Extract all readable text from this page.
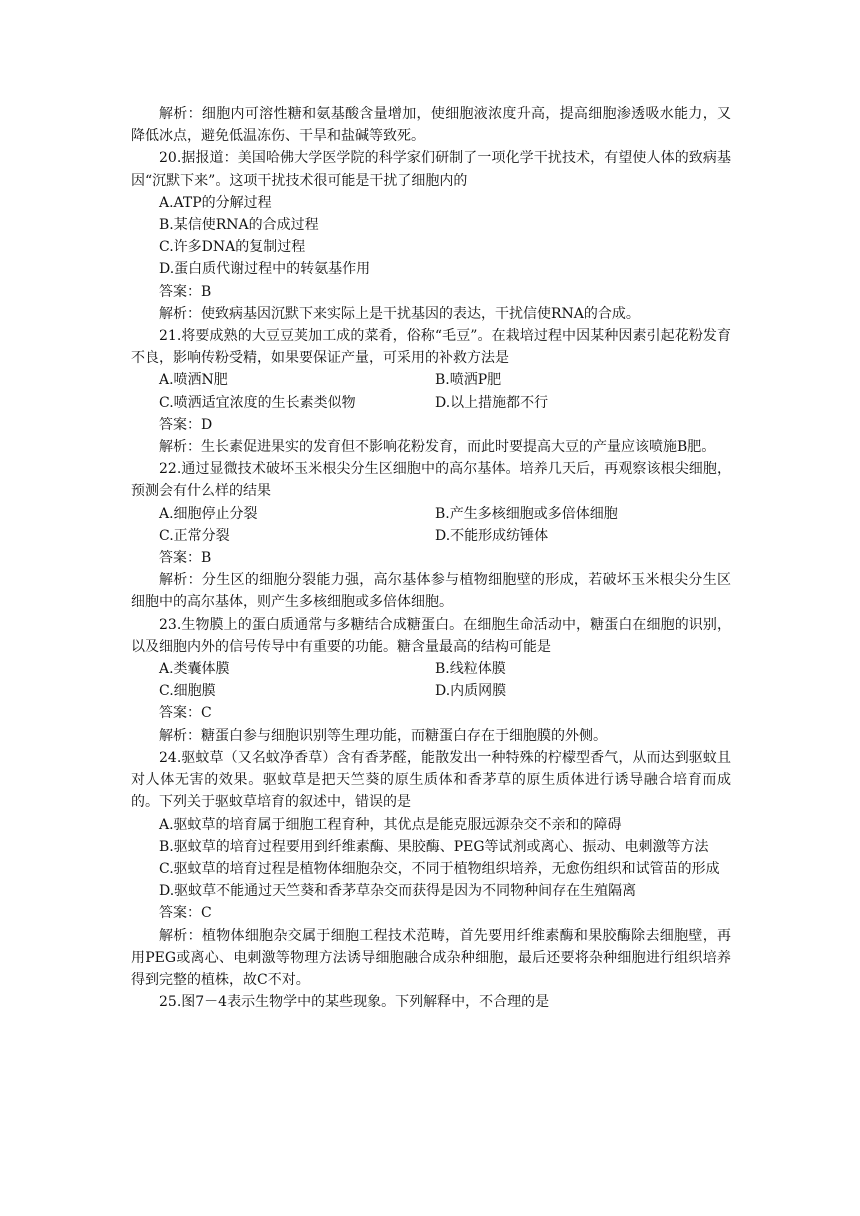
解析：细胞内可溶性糖和氨基酸含量增加，使细胞液浓度升高，提高细胞渗透吸水能力，又降低冰点，避免低温冻伤、干旱和盐碱等致死。
20.据报道：美国哈佛大学医学院的科学家们研制了一项化学干扰技术，有望使人体的致病基因“沉默下来”。这项干扰技术很可能是干扰了细胞内的
A.ATP的分解过程
B.某信使RNA的合成过程
C.许多DNA的复制过程
D.蛋白质代谢过程中的转氨基作用
答案：B
解析：使致病基因沉默下来实际上是干扰基因的表达，干扰信使RNA的合成。
21.将要成熟的大豆豆荚加工成的菜肴，俗称“毛豆”。在栽培过程中因某种因素引起花粉发育不良，影响传粉受精，如果要保证产量，可采用的补救方法是
A.喷洒N肥	B.喷洒P肥
C.喷洒适宜浓度的生长素类似物	D.以上措施都不行
答案：D
解析：生长素促进果实的发育但不影响花粉发育，而此时要提高大豆的产量应该喷施B肥。
22.通过显微技术破坏玉米根尖分生区细胞中的高尔基体。培养几天后，再观察该根尖细胞，预测会有什么样的结果
A.细胞停止分裂	B.产生多核细胞或多倍体细胞
C.正常分裂	D.不能形成纺锤体
答案：B
解析：分生区的细胞分裂能力强，高尔基体参与植物细胞壁的形成，若破坏玉米根尖分生区细胞中的高尔基体，则产生多核细胞或多倍体细胞。
23.生物膜上的蛋白质通常与多糖结合成糖蛋白。在细胞生命活动中，糖蛋白在细胞的识别，以及细胞内外的信号传导中有重要的功能。糖含量最高的结构可能是
A.类囊体膜	B.线粒体膜
C.细胞膜	D.内质网膜
答案：C
解析：糖蛋白参与细胞识别等生理功能，而糖蛋白存在于细胞膜的外侧。
24.驱蚊草（又名蚊净香草）含有香茅醛，能散发出一种特殊的柠檬型香气，从而达到驱蚊且对人体无害的效果。驱蚊草是把天竺葵的原生质体和香茅草的原生质体进行诱导融合培育而成的。下列关于驱蚊草培育的叙述中，错误的是
A.驱蚊草的培育属于细胞工程育种，其优点是能克服远源杂交不亲和的障碍
B.驱蚊草的培育过程要用到纤维素酶、果胶酶、PEG等试剂或离心、振动、电刺激等方法
C.驱蚊草的培育过程是植物体细胞杂交，不同于植物组织培养，无愈伤组织和试管苗的形成
D.驱蚊草不能通过天竺葵和香茅草杂交而获得是因为不同物种间存在生殖隔离
答案：C
解析：植物体细胞杂交属于细胞工程技术范畴，首先要用纤维素酶和果胶酶除去细胞壁，再用PEG或离心、电刺激等物理方法诱导细胞融合成杂种细胞，最后还要将杂种细胞进行组织培养得到完整的植株，故C不对。
25.图7－4表示生物学中的某些现象。下列解释中，不合理的是
